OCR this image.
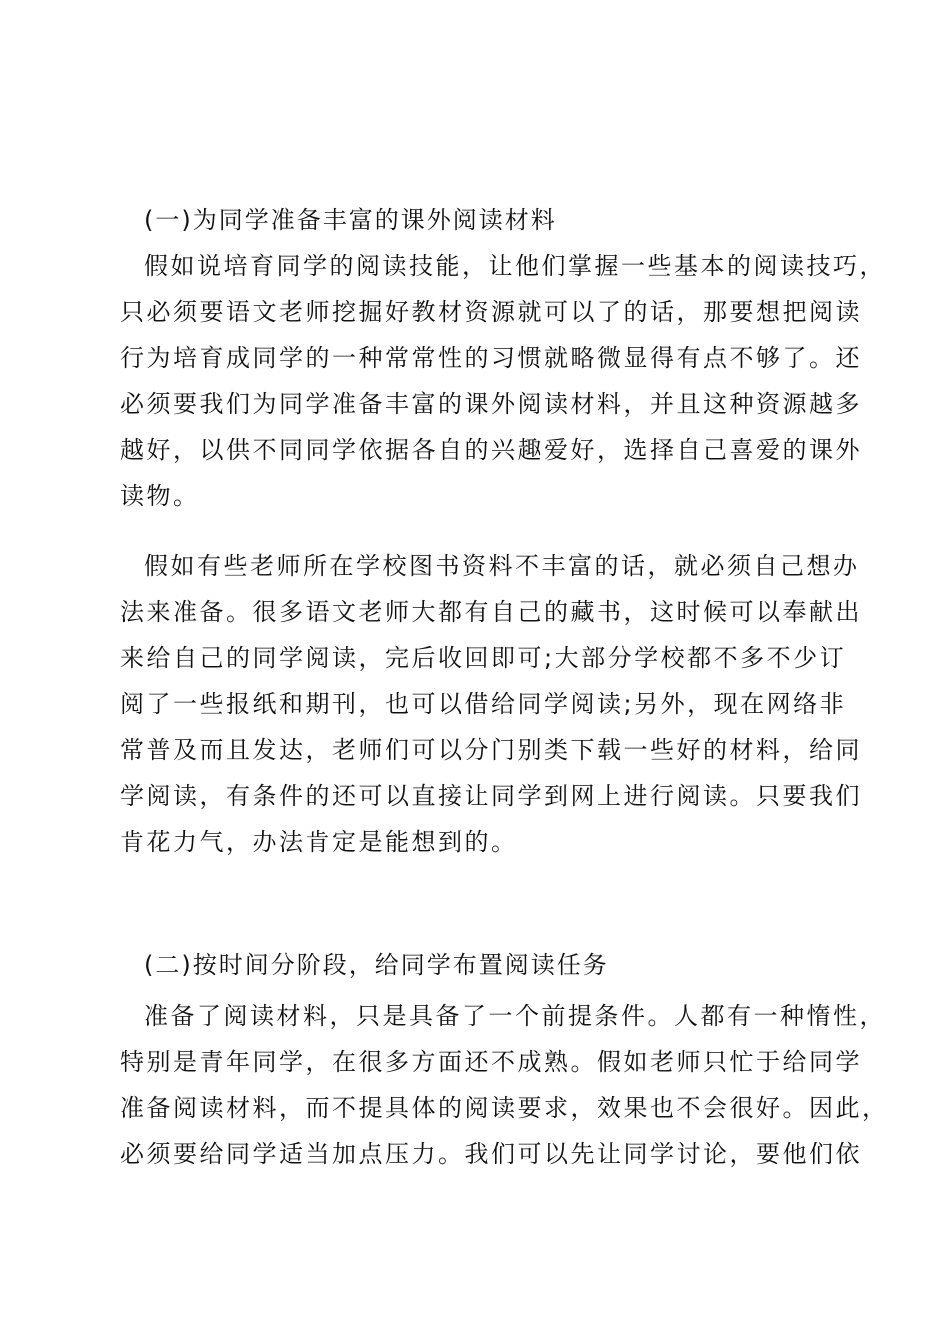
(一)为同学准备丰富的课外阅读材料
假如说培育同学的阅读技能，让他们掌握一些基本的阅读技巧，
只必须要语文老师挖掘好教材资源就可以了的话，那要想把阅读
行为培育成同学的一种常常性的习惯就略微显得有点不够了。还
必须要我们为同学准备丰富的课外阅读材料，并且这种资源越多
越好，以供不同同学依据各自的兴趣爱好，选择自己喜爱的课外
读物。
假如有些老师所在学校图书资料不丰富的话，就必须自己想办
法来准备。很多语文老师大都有自己的藏书，这时候可以奉献出
来给自己的同学阅读，完后收回即可;大部分学校都不多不少订
阅了一些报纸和期刊，也可以借给同学阅读;另外，现在网络非
常普及而且发达，老师们可以分门别类下载一些好的材料，给同
学阅读，有条件的还可以直接让同学到网上进行阅读。只要我们
肯花力气，办法肯定是能想到的。
(二)按时间分阶段，给同学布置阅读任务
准备了阅读材料，只是具备了一个前提条件。人都有一种惰性，
特别是青年同学，在很多方面还不成熟。假如老师只忙于给同学
准备阅读材料，而不提具体的阅读要求，效果也不会很好。因此，
必须要给同学适当加点压力。我们可以先让同学讨论，要他们依
